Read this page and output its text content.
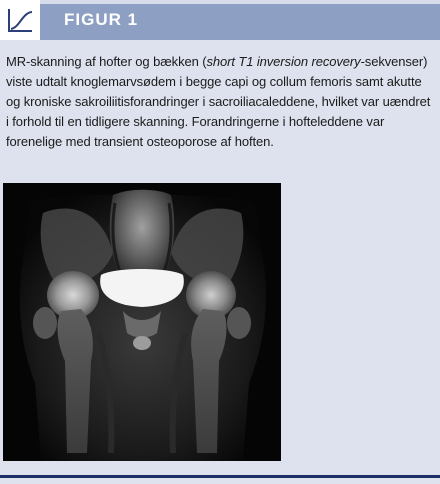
FIGUR 1

MR-skanning af hofter og bækken (short T1 inversion recovery-sekvenser) viste udtalt knoglemarvsødem i begge capi og collum femoris samt akutte og kroniske sakroiliitisforandringer i sacroiliacaleddene, hvilket var uændret i forhold til en tidligere skanning. Forandringerne i hofteleddene var forenelige med transient osteoporose af hoften.
